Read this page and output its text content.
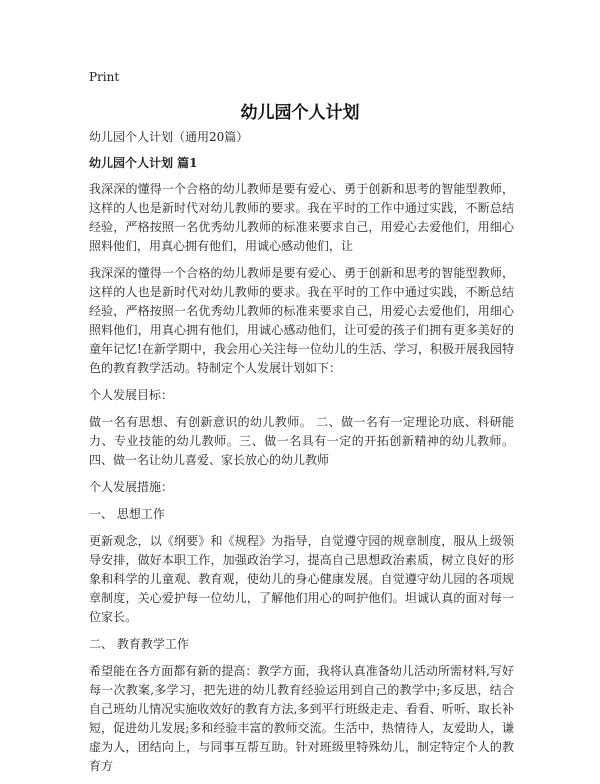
Print
幼儿园个人计划

幼儿园个人计划（通用20篇）

幼儿园个人计划 篇1

我深深的懂得一个合格的幼儿教师是要有爱心、勇于创新和思考的智能型教师，这样的人也是新时代对幼儿教师的要求。我在平时的工作中通过实践，不断总结经验，严格按照一名优秀幼儿教师的标准来要求自己，用爱心去爱他们，用细心照料他们，用真心拥有他们，用诚心感动他们，让

我深深的懂得一个合格的幼儿教师是要有爱心、勇于创新和思考的智能型教师，这样的人也是新时代对幼儿教师的要求。我在平时的工作中通过实践，不断总结经验，严格按照一名优秀幼儿教师的标准来要求自己，用爱心去爱他们，用细心照料他们，用真心拥有他们，用诚心感动他们，让可爱的孩子们拥有更多美好的童年记忆!在新学期中，我会用心关注每一位幼儿的生活、学习，积极开展我园特色的教育教学活动。特制定个人发展计划如下：

个人发展目标：

做一名有思想、有创新意识的幼儿教师。 二、做一名有一定理论功底、科研能力、专业技能的幼儿教师。三、做一名具有一定的开拓创新精神的幼儿教师。 四、做一名让幼儿喜爱、家长放心的幼儿教师

个人发展措施：

一、 思想工作

更新观念，以《纲要》和《规程》为指导，自觉遵守园的规章制度，服从上级领导安排，做好本职工作，加强政治学习，提高自己思想政治素质，树立良好的形象和科学的儿童观、教育观，使幼儿的身心健康发展。自觉遵守幼儿园的各项规章制度，关心爱护每一位幼儿，了解他们用心的呵护他们。坦诚认真的面对每一位家长。

二、 教育教学工作

希望能在各方面都有新的提高：教学方面，我将认真准备幼儿活动所需材料,写好每一次教案,多学习，把先进的幼儿教育经验运用到自己的教学中;多反思，结合自己班幼儿情况实施收效好的教育方法,多到平行班级走走、看看、听听、取长补短，促进幼儿发展;多和经验丰富的教师交流。生活中，热情待人，友爱助人，谦虚为人，团结向上，与同事互帮互助。针对班级里特殊幼儿，制定特定个人的教育方
